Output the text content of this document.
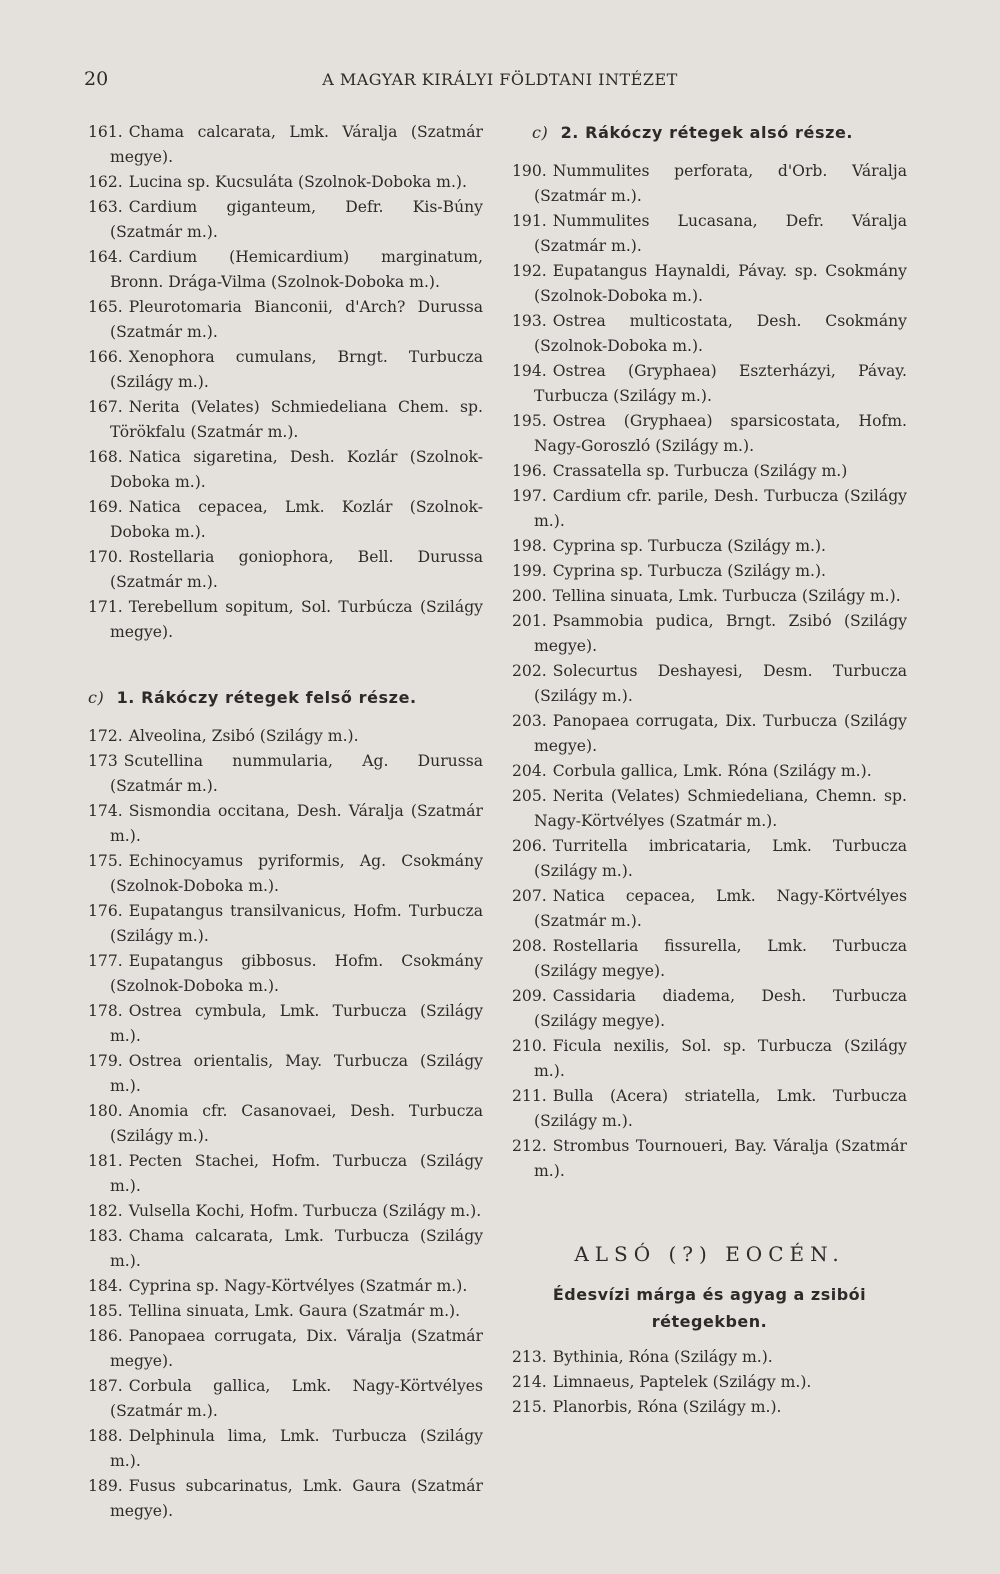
20	A MAGYAR KIRÁLYI FÖLDTANI INTÉZET
161. Chama calcarata, Lmk. Váralja (Szatmár megye).
162. Lucina sp. Kucsuláta (Szolnok-Doboka m.).
163. Cardium giganteum, Defr. Kis-Búny (Szatmár m.).
164. Cardium (Hemicardium) marginatum, Bronn. Drága-Vilma (Szolnok-Doboka m.).
165. Pleurotomaria Bianconii, d'Arch? Durussa (Szatmár m.).
166. Xenophora cumulans, Brngt. Turbucza (Szilágy m.).
167. Nerita (Velates) Schmiedeliana Chem. sp. Törökfalu (Szatmár m.).
168. Natica sigaretina, Desh. Kozlár (Szolnok-Doboka m.).
169. Natica cepacea, Lmk. Kozlár (Szolnok-Doboka m.).
170. Rostellaria goniophora, Bell. Durussa (Szatmár m.).
171. Terebellum sopitum, Sol. Turbúcza (Szilágy megye).
c) 1. Rákóczy rétegek felső része.
172. Alveolina, Zsibó (Szilágy m.).
173 Scutellina nummularia, Ag. Durussa (Szatmár m.).
174. Sismondia occitana, Desh. Váralja (Szatmár m.).
175. Echinocyamus pyriformis, Ag. Csokmány (Szolnok-Doboka m.).
176. Eupatangus transilvanicus, Hofm. Turbucza (Szilágy m.).
177. Eupatangus gibbosus. Hofm. Csokmány (Szolnok-Doboka m.).
178. Ostrea cymbula, Lmk. Turbucza (Szilágy m.).
179. Ostrea orientalis, May. Turbucza (Szilágy m.).
180. Anomia cfr. Casanovaei, Desh. Turbucza (Szilágy m.).
181. Pecten Stachei, Hofm. Turbucza (Szilágy m.).
182. Vulsella Kochi, Hofm. Turbucza (Szilágy m.).
183. Chama calcarata, Lmk. Turbucza (Szilágy m.).
184. Cyprina sp. Nagy-Körtvélyes (Szatmár m.).
185. Tellina sinuata, Lmk. Gaura (Szatmár m.).
186. Panopaea corrugata, Dix. Váralja (Szatmár megye).
187. Corbula gallica, Lmk. Nagy-Körtvélyes (Szatmár m.).
188. Delphinula lima, Lmk. Turbucza (Szilágy m.).
189. Fusus subcarinatus, Lmk. Gaura (Szatmár megye).
c) 2. Rákóczy rétegek alsó része.
190. Nummulites perforata, d'Orb. Váralja (Szatmár m.).
191. Nummulites Lucasana, Defr. Váralja (Szatmár m.).
192. Eupatangus Haynaldi, Pávay. sp. Csokmány (Szolnok-Doboka m.).
193. Ostrea multicostata, Desh. Csokmány (Szolnok-Doboka m.).
194. Ostrea (Gryphaea) Eszterházyi, Pávay. Turbucza (Szilágy m.).
195. Ostrea (Gryphaea) sparsicostata, Hofm. Nagy-Goroszló (Szilágy m.).
196. Crassatella sp. Turbucza (Szilágy m.)
197. Cardium cfr. parile, Desh. Turbucza (Szilágy m.).
198. Cyprina sp. Turbucza (Szilágy m.).
199. Cyprina sp. Turbucza (Szilágy m.).
200. Tellina sinuata, Lmk. Turbucza (Szilágy m.).
201. Psammobia pudica, Brngt. Zsibó (Szilágy megye).
202. Solecurtus Deshayesi, Desm. Turbucza (Szilágy m.).
203. Panopaea corrugata, Dix. Turbucza (Szilágy megye).
204. Corbula gallica, Lmk. Róna (Szilágy m.).
205. Nerita (Velates) Schmiedeliana, Chemn. sp. Nagy-Körtvélyes (Szatmár m.).
206. Turritella imbricataria, Lmk. Turbucza (Szilágy m.).
207. Natica cepacea, Lmk. Nagy-Körtvélyes (Szatmár m.).
208. Rostellaria fissurella, Lmk. Turbucza (Szilágy megye).
209. Cassidaria diadema, Desh. Turbucza (Szilágy megye).
210. Ficula nexilis, Sol. sp. Turbucza (Szilágy m.).
211. Bulla (Acera) striatella, Lmk. Turbucza (Szilágy m.).
212. Strombus Tournoueri, Bay. Váralja (Szatmár m.).
ALSÓ (?) EOCÉN.
Édesvízi márga és agyag a zsibói rétegekben.
213. Bythinia, Róna (Szilágy m.).
214. Limnaeus, Paptelek (Szilágy m.).
215. Planorbis, Róna (Szilágy m.).
